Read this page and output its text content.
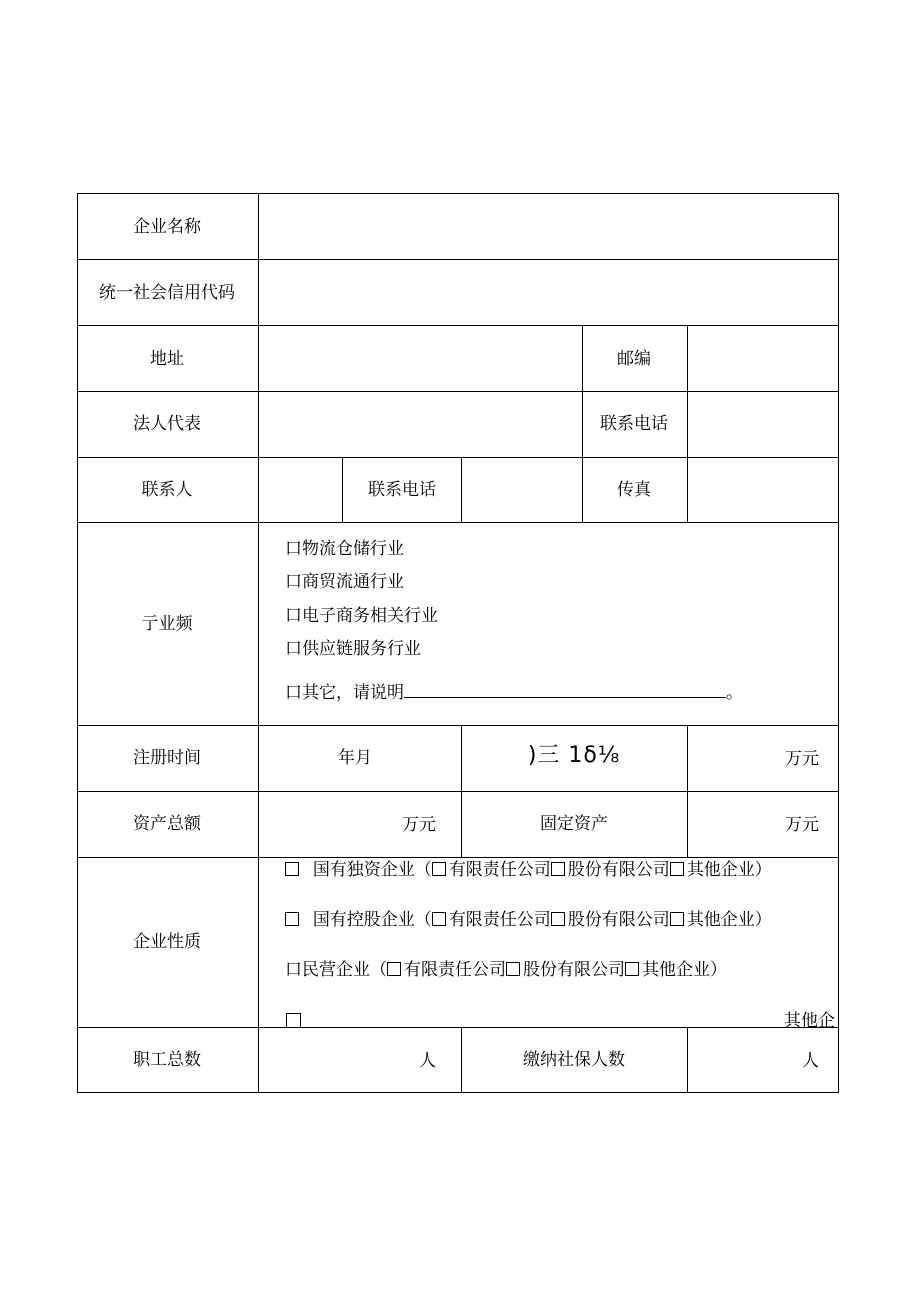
企业名称
统一社会信用代码
地址	邮编
法人代表	联系电话
联系人	联系电话	传真
亍业频
口物流仓储行业
口商贸流通行业
口电子商务相关行业
口供应链服务行业
口其它，请说明	。
注册时间	年月	)三 1δ⅛	万元
资产总额	万元	固定资产	万元
企业性质
国有独资企业（ 有限责任公司 股份有限公司 其他企业）
国有控股企业（ 有限责任公司 股份有限公司 其他企业）
口民营企业（ 有限责任公司 股份有限公司 其他企业）
其他企
职工总数	人	缴纳社保人数	人
